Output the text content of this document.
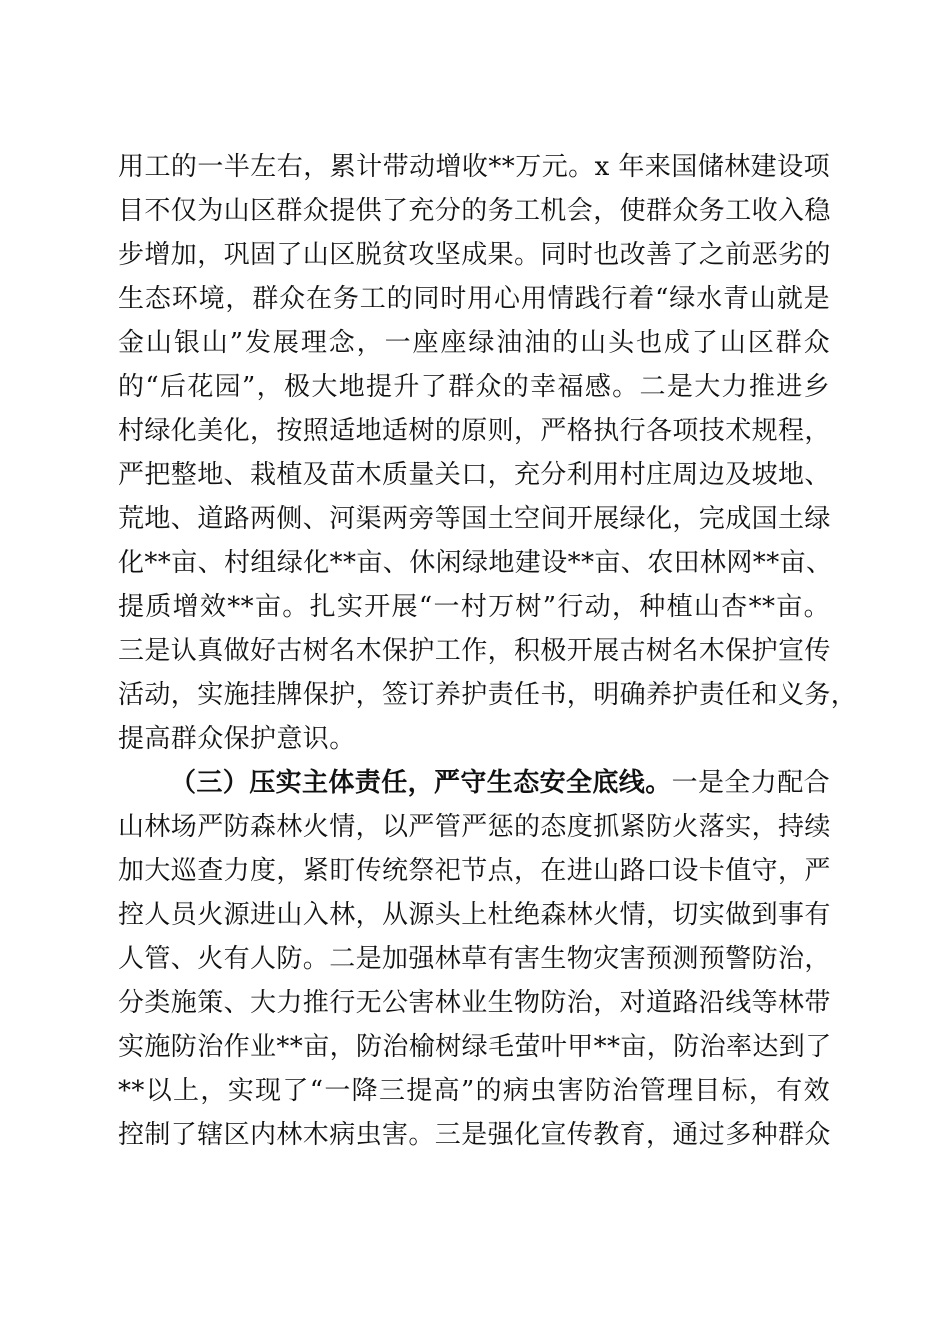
用工的一半左右，累计带动增收**万元。x 年来国储林建设项
目不仅为山区群众提供了充分的务工机会，使群众务工收入稳
步增加，巩固了山区脱贫攻坚成果。同时也改善了之前恶劣的
生态环境，群众在务工的同时用心用情践行着“绿水青山就是
金山银山”发展理念，一座座绿油油的山头也成了山区群众
的“后花园”，极大地提升了群众的幸福感。二是大力推进乡
村绿化美化，按照适地适树的原则，严格执行各项技术规程，
严把整地、栽植及苗木质量关口，充分利用村庄周边及坡地、
荒地、道路两侧、河渠两旁等国土空间开展绿化，完成国土绿
化**亩、村组绿化**亩、休闲绿地建设**亩、农田林网**亩、
提质增效**亩。扎实开展“一村万树”行动，种植山杏**亩。
三是认真做好古树名木保护工作，积极开展古树名木保护宣传
活动，实施挂牌保护，签订养护责任书，明确养护责任和义务，
提高群众保护意识。
（三）压实主体责任，严守生态安全底线。一是全力配合
山林场严防森林火情，以严管严惩的态度抓紧防火落实，持续
加大巡查力度，紧盯传统祭祀节点，在进山路口设卡值守，严
控人员火源进山入林，从源头上杜绝森林火情，切实做到事有
人管、火有人防。二是加强林草有害生物灾害预测预警防治，
分类施策、大力推行无公害林业生物防治，对道路沿线等林带
实施防治作业**亩，防治榆树绿毛萤叶甲**亩，防治率达到了
**以上，实现了“一降三提高”的病虫害防治管理目标，有效
控制了辖区内林木病虫害。三是强化宣传教育，通过多种群众
